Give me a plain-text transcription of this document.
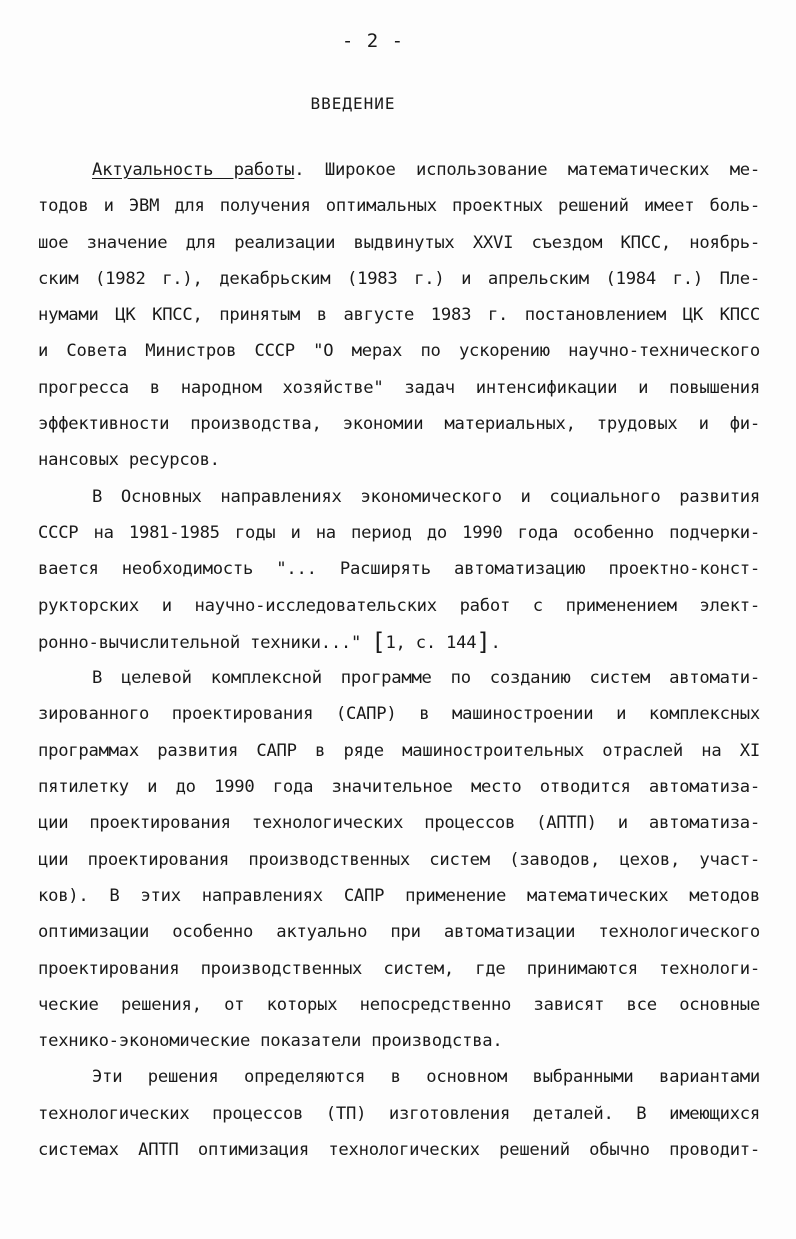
- 2 -
ВВЕДЕНИЕ
Актуальность работы. Широкое использование математических ме-
тодов и ЭВМ для получения оптимальных проектных решений имеет боль-
шое значение для реализации выдвинутых XXVI съездом КПСС, ноябрь-
ским (1982 г.), декабрьским (1983 г.) и апрельским (1984 г.) Пле-
нумами ЦК КПСС, принятым в августе 1983 г. постановлением ЦК КПСС
и Совета Министров СССР "О мерах по ускорению научно-технического
прогресса в народном хозяйстве" задач интенсификации и повышения
эффективности производства, экономии материальных, трудовых и фи-
нансовых ресурсов.
В Основных направлениях экономического и социального развития
СССР на 1981-1985 годы и на период до 1990 года особенно подчерки-
вается необходимость "... Расширять автоматизацию проектно-конст-
рукторских и научно-исследовательских работ с применением элект-
ронно-вычислительной техники..." [1, с. 144].
В целевой комплексной программе по созданию систем автомати-
зированного проектирования (САПР) в машиностроении и комплексных
программах развития САПР в ряде машиностроительных отраслей на XI
пятилетку и до 1990 года значительное место отводится автоматиза-
ции проектирования технологических процессов (АПТП) и автоматиза-
ции проектирования производственных систем (заводов, цехов, участ-
ков). В этих направлениях САПР применение математических методов
оптимизации особенно актуально при автоматизации технологического
проектирования производственных систем, где принимаются технологи-
ческие решения, от которых непосредственно зависят все основные
технико-экономические показатели производства.
Эти решения определяются в основном выбранными вариантами
технологических процессов (ТП) изготовления деталей. В имеющихся
системах АПТП оптимизация технологических решений обычно проводит-
